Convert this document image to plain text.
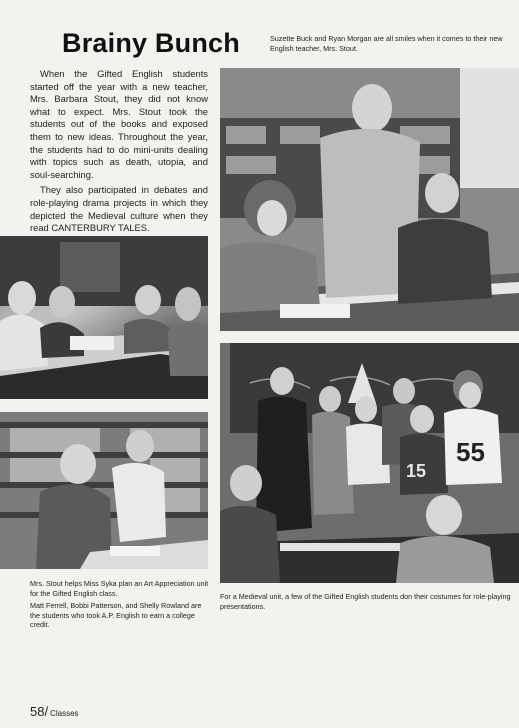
Brainy Bunch

When the Gifted English students started off the year with a new teacher, Mrs. Barbara Stout, they did not know what to expect. Mrs. Stout took the students out of the books and exposed them to new ideas. Throughout the year, the students had to do mini-units dealing with topics such as death, utopia, and soul-searching.

They also participated in debates and role-playing drama projects in which they depicted the Medieval culture when they read CANTERBURY TALES.

Suzette Buck and Ryan Morgan are all smiles when it comes to their new English teacher, Mrs. Stout.
Mrs. Stout helps Miss Syka plan an Art Appreciation unit for the Gifted English class.
Matt Ferrell, Bobbi Patterson, and Shelly Rowland are the students who took A.P. English to earn a college credit.
55
15
For a Medieval unit, a few of the Gifted English students don their costumes for role-playing presentations.
58/ Classes
